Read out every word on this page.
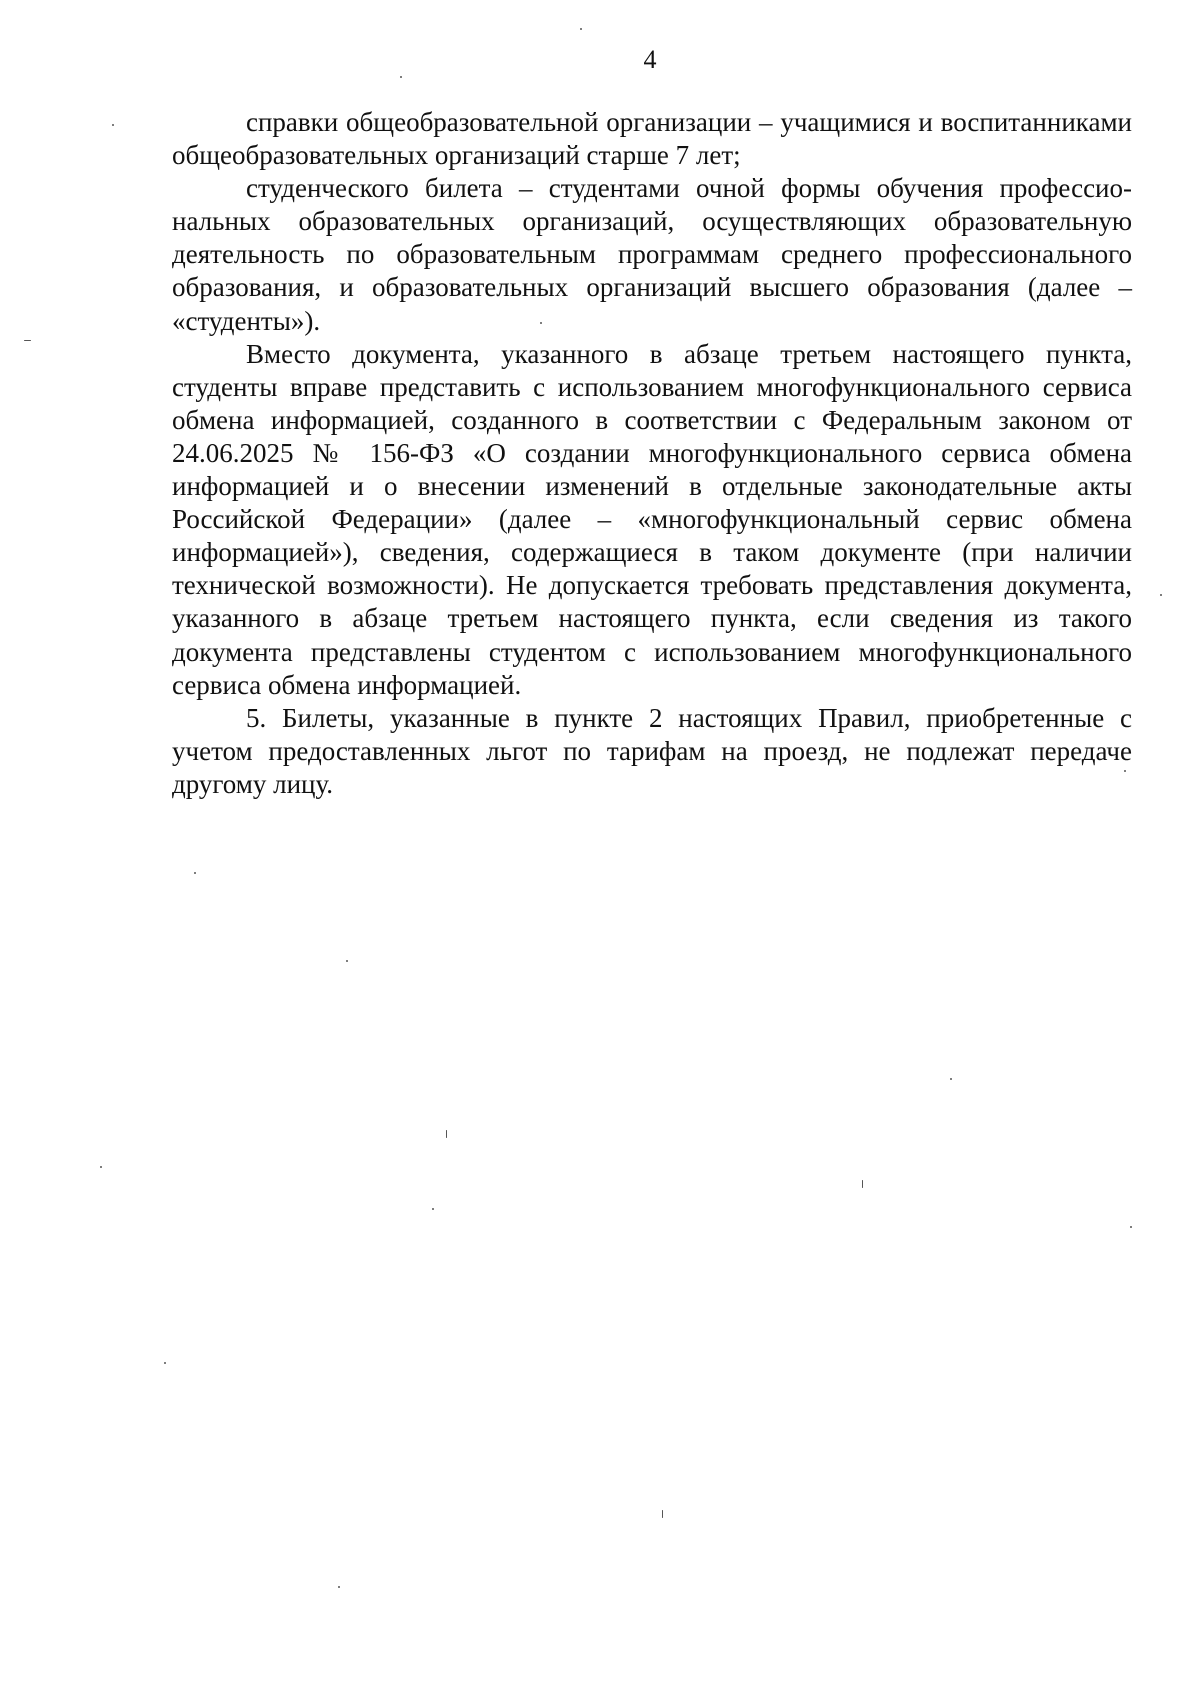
4

справки общеобразовательной организации – учащимися и воспитанниками общеобразовательных организаций старше 7 лет;

студенческого билета – студентами очной формы обучения профессиональных образовательных организаций, осуществляющих образовательную деятельность по образовательным программам среднего профессионального образования, и образовательных организаций высшего образования (далее – «студенты»).

Вместо документа, указанного в абзаце третьем настоящего пункта, студенты вправе представить с использованием многофункционального сервиса обмена информацией, созданного в соответствии с Федеральным законом от 24.06.2025 № 156-ФЗ «О создании многофункционального сервиса обмена информацией и о внесении изменений в отдельные законодательные акты Российской Федерации» (далее – «многофункциональный сервис обмена информацией»), сведения, содержащиеся в таком документе (при наличии технической возможности). Не допускается требовать представления документа, указанного в абзаце третьем настоящего пункта, если сведения из такого документа представлены студентом с использованием многофункционального сервиса обмена информацией.

5. Билеты, указанные в пункте 2 настоящих Правил, приобретенные с учетом предоставленных льгот по тарифам на проезд, не подлежат передаче другому лицу.
